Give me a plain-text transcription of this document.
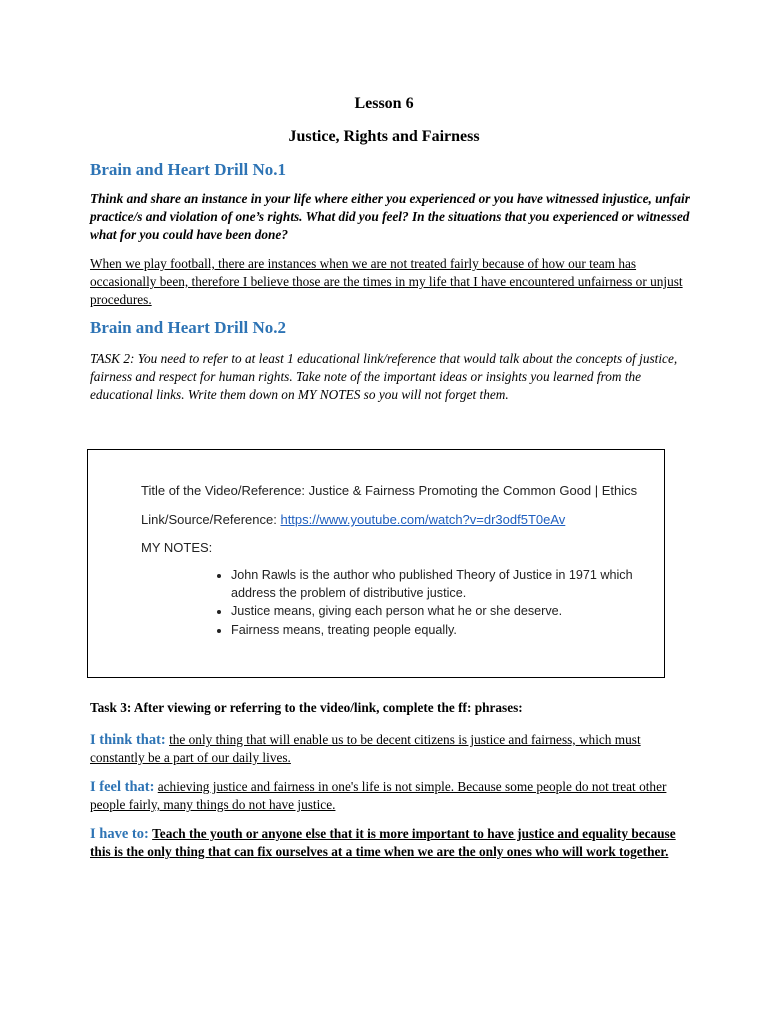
Lesson 6
Justice, Rights and Fairness
Brain and Heart Drill No.1
Think and share an instance in your life where either you experienced or you have witnessed injustice, unfair practice/s and violation of one’s rights. What did you feel? In the situations that you experienced or witnessed what for you could have been done?
When we play football, there are instances when we are not treated fairly because of how our team has occasionally been, therefore I believe those are the times in my life that I have encountered unfairness or unjust procedures.
Brain and Heart Drill No.2
TASK 2: You need to refer to at least 1 educational link/reference that would talk about the concepts of justice, fairness and respect for human rights. Take note of the important ideas or insights you learned from the educational links. Write them down on MY NOTES so you will not forget them.
Title of the Video/Reference: Justice & Fairness Promoting the Common Good | Ethics
Link/Source/Reference: https://www.youtube.com/watch?v=dr3odf5T0eAv
MY NOTES:
• John Rawls is the author who published Theory of Justice in 1971 which address the problem of distributive justice.
• Justice means, giving each person what he or she deserve.
• Fairness means, treating people equally.
Task 3: After viewing or referring to the video/link, complete the ff: phrases:
I think that: the only thing that will enable us to be decent citizens is justice and fairness, which must constantly be a part of our daily lives.
I feel that: achieving justice and fairness in one's life is not simple. Because some people do not treat other people fairly, many things do not have justice.
I have to: Teach the youth or anyone else that it is more important to have justice and equality because this is the only thing that can fix ourselves at a time when we are the only ones who will work together.
